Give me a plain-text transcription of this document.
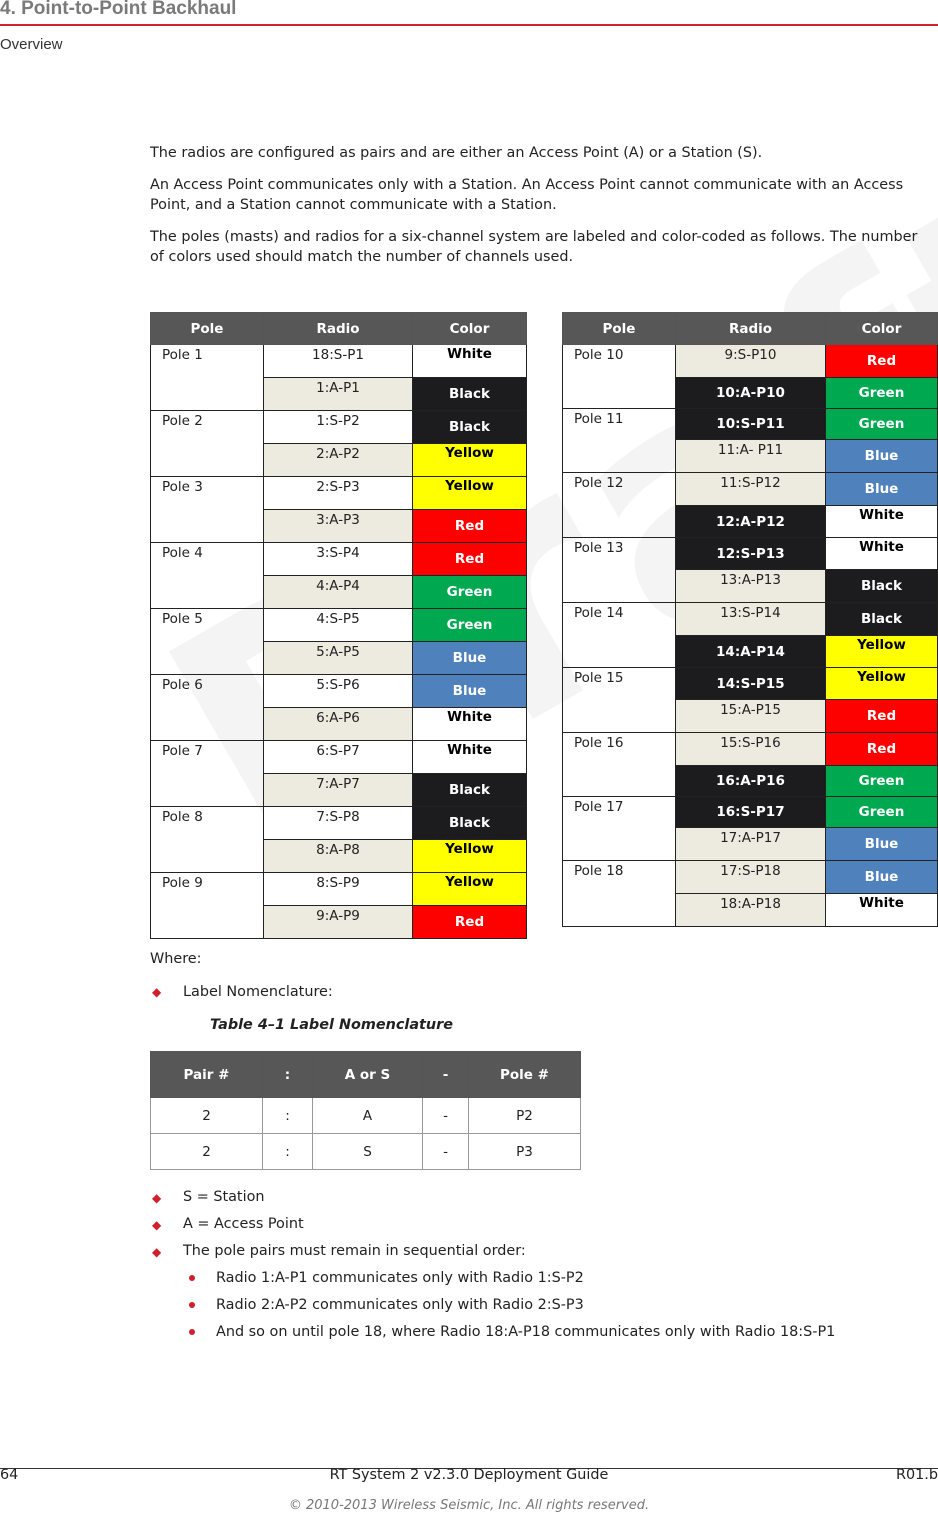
4. Point-to-Point Backhaul
Overview

The radios are configured as pairs and are either an Access Point (A) or a Station (S).

An Access Point communicates only with a Station. An Access Point cannot communicate with an Access Point, and a Station cannot communicate with a Station.

The poles (masts) and radios for a six-channel system are labeled and color-coded as follows. The number of colors used should match the number of channels used.

Pole	Radio	Color
Pole 1	18:S-P1	White
	1:A-P1	Black
Pole 2	1:S-P2	Black
	2:A-P2	Yellow
Pole 3	2:S-P3	Yellow
	3:A-P3	Red
Pole 4	3:S-P4	Red
	4:A-P4	Green
Pole 5	4:S-P5	Green
	5:A-P5	Blue
Pole 6	5:S-P6	Blue
	6:A-P6	White
Pole 7	6:S-P7	White
	7:A-P7	Black
Pole 8	7:S-P8	Black
	8:A-P8	Yellow
Pole 9	8:S-P9	Yellow
	9:A-P9	Red
Pole	Radio	Color
Pole 10	9:S-P10	Red
	10:A-P10	Green
Pole 11	10:S-P11	Green
	11:A- P11	Blue
Pole 12	11:S-P12	Blue
	12:A-P12	White
Pole 13	12:S-P13	White
	13:A-P13	Black
Pole 14	13:S-P14	Black
	14:A-P14	Yellow
Pole 15	14:S-P15	Yellow
	15:A-P15	Red
Pole 16	15:S-P16	Red
	16:A-P16	Green
Pole 17	16:S-P17	Green
	17:A-P17	Blue
Pole 18	17:S-P18	Blue
	18:A-P18	White

Where:

◆ Label Nomenclature:

Table 4–1 Label Nomenclature

Pair #	:	A or S	-	Pole #
2	:	A	-	P2
2	:	S	-	P3
◆ S = Station
◆ A = Access Point
◆ The pole pairs must remain in sequential order:
Radio 1:A-P1 communicates only with Radio 1:S-P2
Radio 2:A-P2 communicates only with Radio 2:S-P3
And so on until pole 18, where Radio 18:A-P18 communicates only with Radio 18:S-P1
64	RT System 2 v2.3.0 Deployment Guide	R01.b
© 2010-2013 Wireless Seismic, Inc. All rights reserved.
